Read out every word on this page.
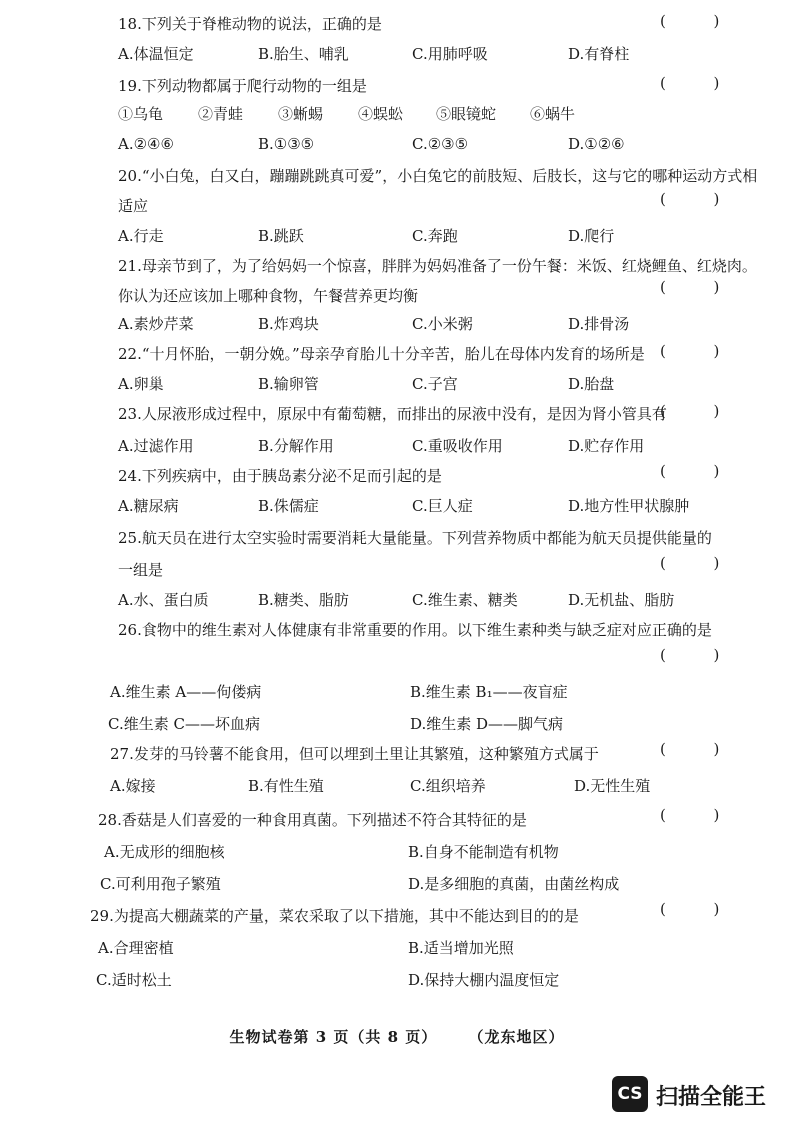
18.下列关于脊椎动物的说法，正确的是	(          )
A.体温恒定	B.胎生、哺乳	C.用肺呼吸	D.有脊柱
19.下列动物都属于爬行动物的一组是	(          )
①乌龟 ②青蛙 ③蜥蜴 ④蜈蚣 ⑤眼镜蛇 ⑥蜗牛
A.②④⑥	B.①③⑤	C.②③⑤	D.①②⑥
20.“小白兔，白又白，蹦蹦跳跳真可爱”，小白兔它的前肢短、后肢长，这与它的哪种运动方式相
适应	(          )
A.行走	B.跳跃	C.奔跑	D.爬行
21.母亲节到了，为了给妈妈一个惊喜，胖胖为妈妈准备了一份午餐：米饭、红烧鲤鱼、红烧肉。
你认为还应该加上哪种食物，午餐营养更均衡	(          )
A.素炒芹菜	B.炸鸡块	C.小米粥	D.排骨汤
22.“十月怀胎，一朝分娩。”母亲孕育胎儿十分辛苦，胎儿在母体内发育的场所是	(          )
A.卵巢	B.输卵管	C.子宫	D.胎盘
23.人尿液形成过程中，原尿中有葡萄糖，而排出的尿液中没有，是因为肾小管具有
(          )
A.过滤作用	B.分解作用	C.重吸收作用	D.贮存作用
24.下列疾病中，由于胰岛素分泌不足而引起的是	(          )
A.糖尿病	B.侏儒症	C.巨人症	D.地方性甲状腺肿
25.航天员在进行太空实验时需要消耗大量能量。下列营养物质中都能为航天员提供能量的
一组是	(          )
A.水、蛋白质	B.糖类、脂肪	C.维生素、糖类	D.无机盐、脂肪
26.食物中的维生素对人体健康有非常重要的作用。以下维生素种类与缺乏症对应正确的是
(          )
A.维生素 A——佝偻病	B.维生素 B₁——夜盲症
C.维生素 C——坏血病	D.维生素 D——脚气病
27.发芽的马铃薯不能食用，但可以埋到土里让其繁殖，这种繁殖方式属于	(          )
A.嫁接	B.有性生殖	C.组织培养	D.无性生殖
28.香菇是人们喜爱的一种食用真菌。下列描述不符合其特征的是	(          )
A.无成形的细胞核	B.自身不能制造有机物
C.可利用孢子繁殖	D.是多细胞的真菌，由菌丝构成
29.为提高大棚蔬菜的产量，菜农采取了以下措施，其中不能达到目的的是	(          )
A.合理密植	B.适当增加光照
C.适时松土	D.保持大棚内温度恒定
生物试卷第 3 页（共 8 页） （龙东地区）
CS 扫描全能王
